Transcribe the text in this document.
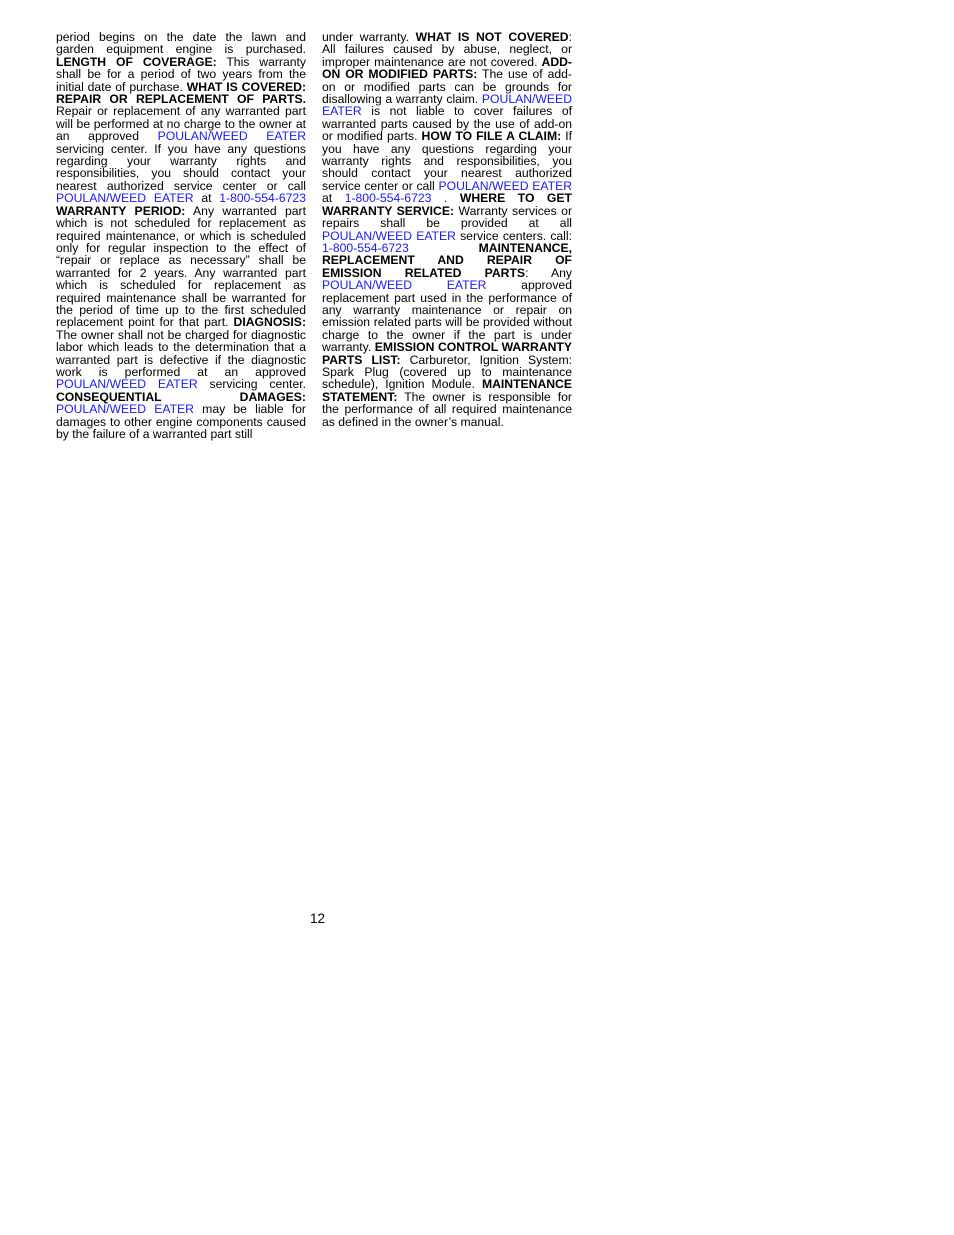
period begins on the date the lawn and garden equipment engine is purchased. LENGTH OF COVERAGE: This warranty shall be for a period of two years from the initial date of purchase. WHAT IS COVERED: REPAIR OR REPLACEMENT OF PARTS. Repair or replacement of any warranted part will be performed at no charge to the owner at an approved POULAN/WEED EATER servicing center. If you have any questions regarding your warranty rights and responsibilities, you should contact your nearest authorized service center or call POULAN/WEED EATER at 1-800-554-6723 WARRANTY PERIOD: Any warranted part which is not scheduled for replacement as required maintenance, or which is scheduled only for regular inspection to the effect of “repair or replace as necessary” shall be warranted for 2 years. Any warranted part which is scheduled for replacement as required maintenance shall be warranted for the period of time up to the first scheduled replacement point for that part. DIAGNOSIS: The owner shall not be charged for diagnostic labor which leads to the determination that a warranted part is defective if the diagnostic work is performed at an approved POULAN/WEED EATER servicing center. CONSEQUENTIAL DAMAGES: POULAN/WEED EATER may be liable for damages to other engine components caused by the failure of a warranted part still
under warranty. WHAT IS NOT COVERED: All failures caused by abuse, neglect, or improper maintenance are not covered. ADD-ON OR MODIFIED PARTS: The use of add-on or modified parts can be grounds for disallowing a warranty claim. POULAN/WEED EATER is not liable to cover failures of warranted parts caused by the use of add-on or modified parts. HOW TO FILE A CLAIM: If you have any questions regarding your warranty rights and responsibilities, you should contact your nearest authorized service center or call POULAN/WEED EATER at 1-800-554-6723 . WHERE TO GET WARRANTY SERVICE: Warranty services or repairs shall be provided at all POULAN/WEED EATER service centers. call: 1-800-554-6723	MAINTENANCE, REPLACEMENT AND REPAIR OF EMISSION RELATED PARTS: Any POULAN/WEED EATER approved replacement part used in the performance of any warranty maintenance or repair on emission related parts will be provided without charge to the owner if the part is under warranty. EMISSION CONTROL WARRANTY PARTS LIST: Carburetor, Ignition System: Spark Plug (covered up to maintenance schedule), Ignition Module. MAINTENANCE STATEMENT: The owner is responsible for the performance of all required maintenance as defined in the owner’s manual.
12
